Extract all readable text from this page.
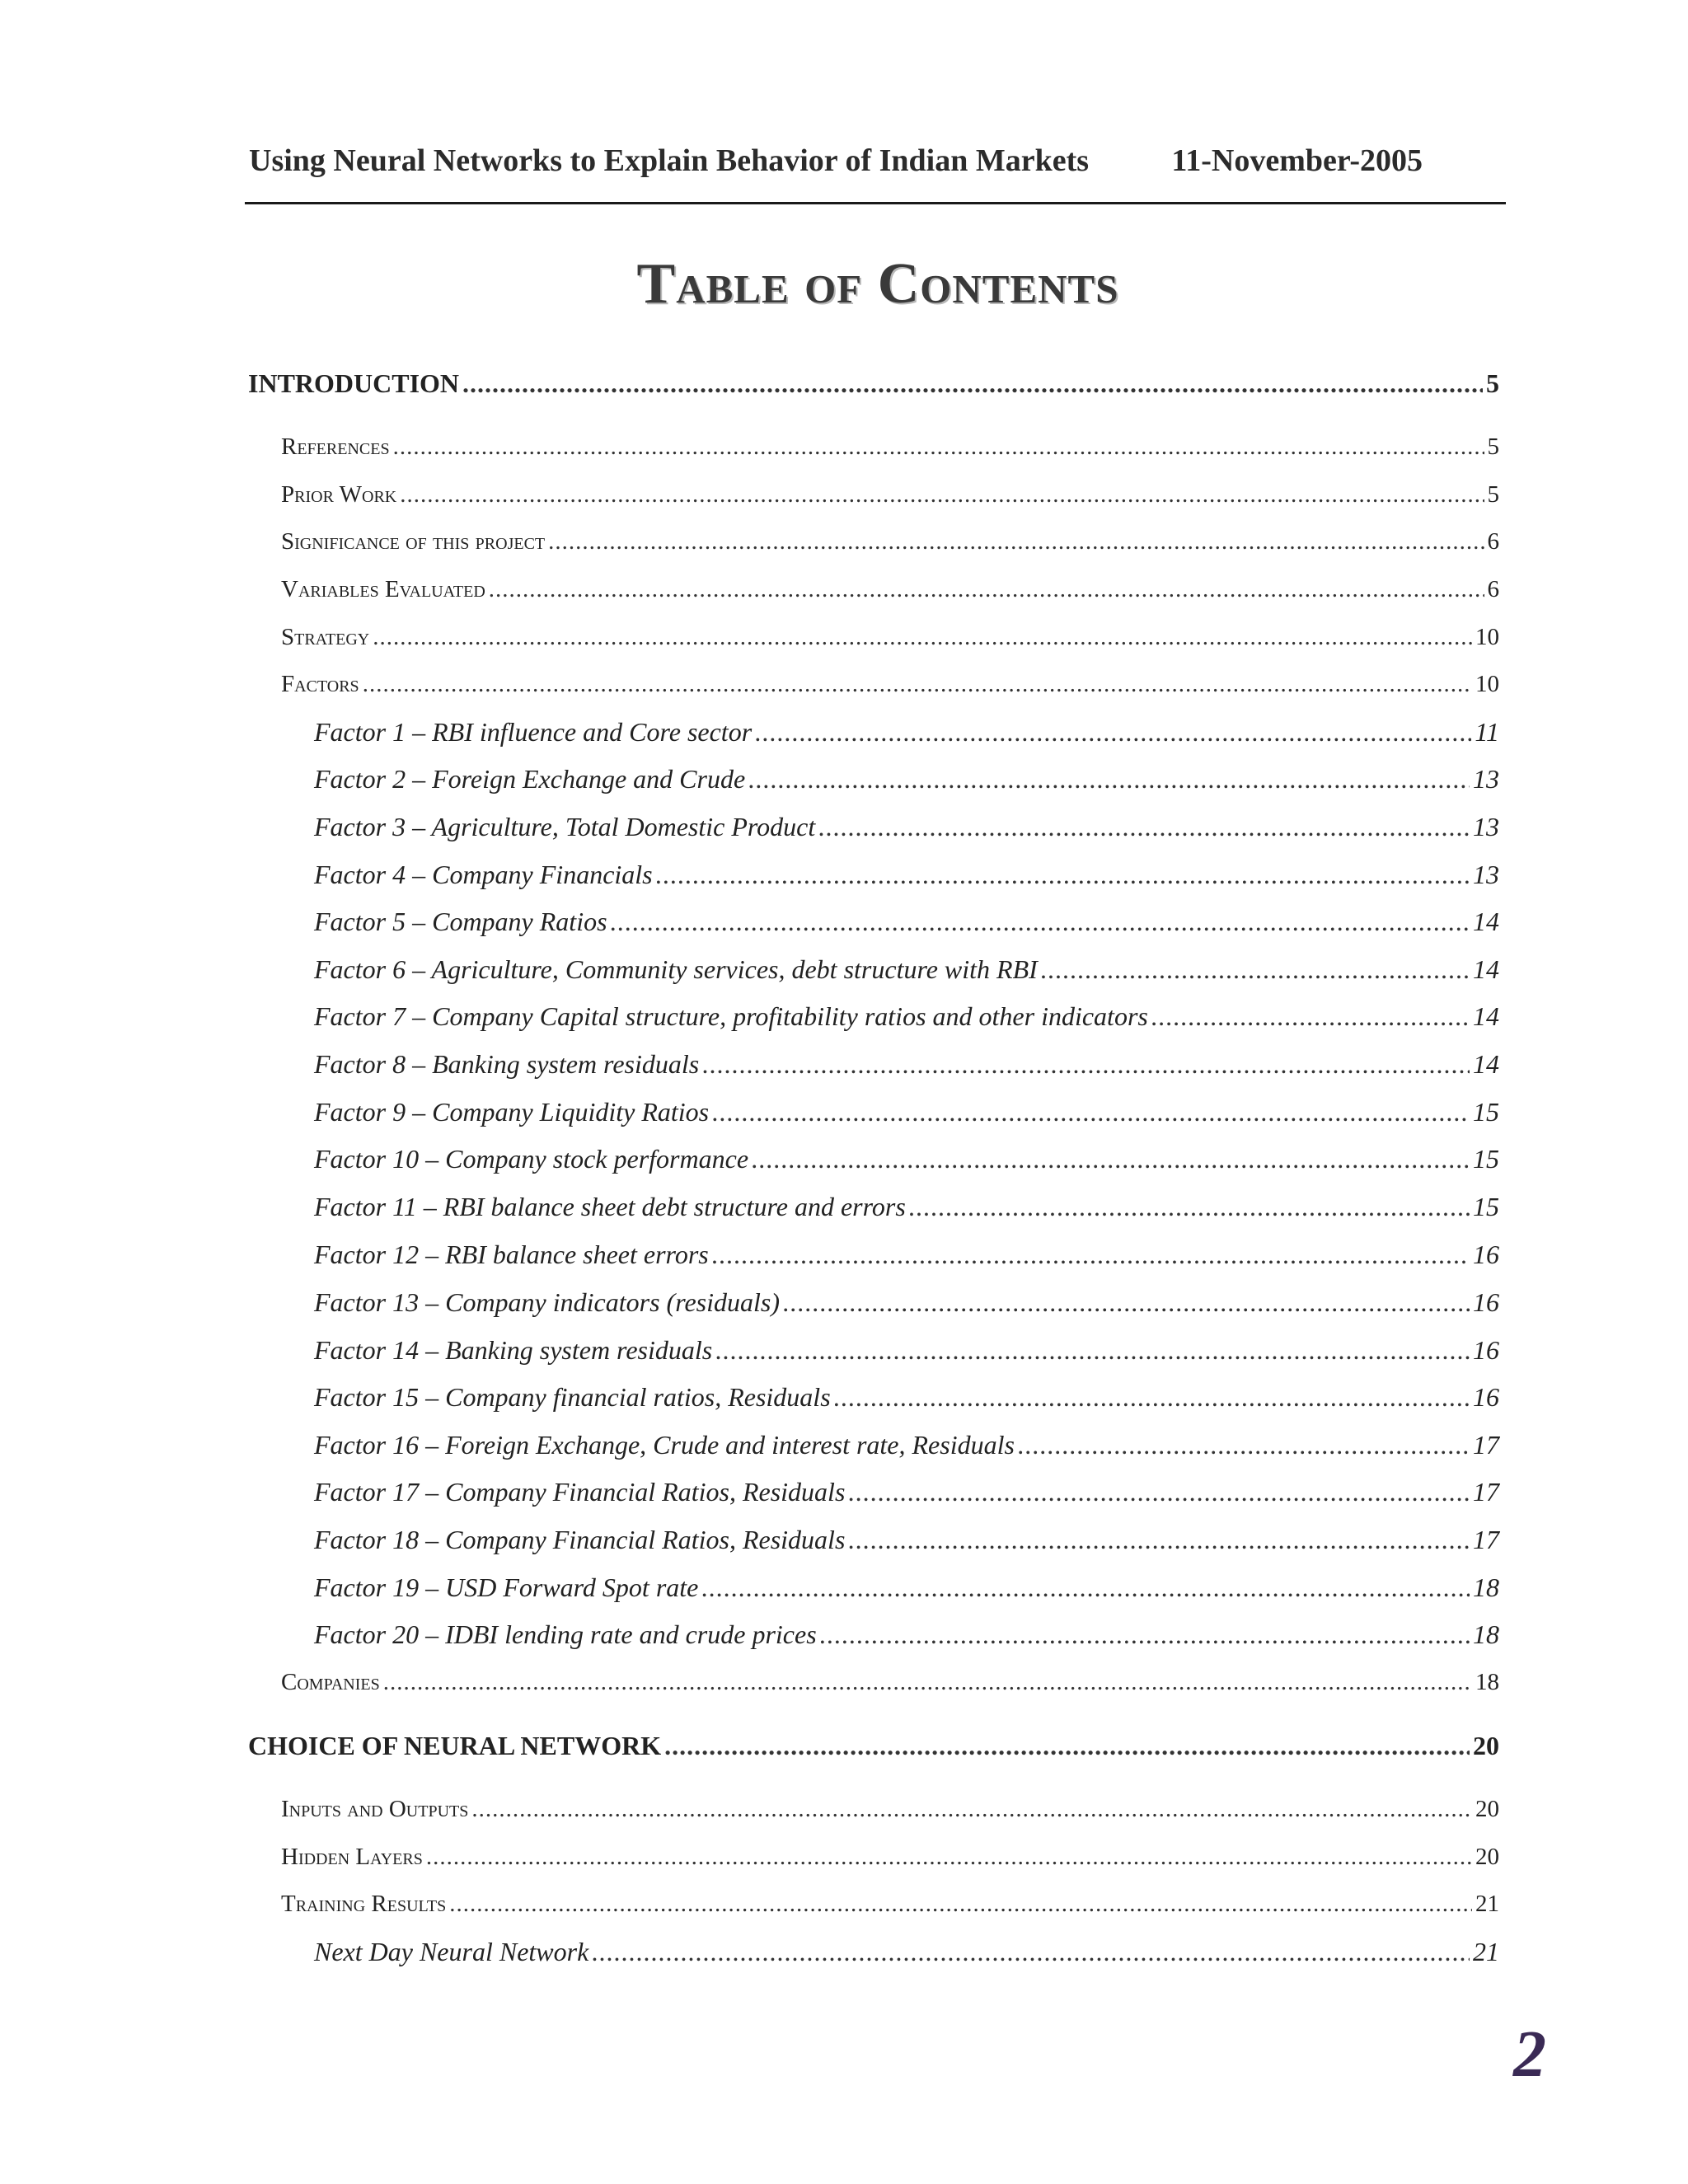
Using Neural Networks to Explain Behavior of Indian Markets	11-November-2005
Table of Contents
INTRODUCTION .....	5
References .....	5
Prior Work .....	5
Significance of this project .....	6
Variables Evaluated .....	6
Strategy .....	10
Factors .....	10
Factor 1 – RBI influence and Core sector .....	11
Factor 2 – Foreign Exchange and Crude .....	13
Factor 3 – Agriculture, Total Domestic Product .....	13
Factor 4 – Company Financials .....	13
Factor 5 – Company Ratios .....	14
Factor 6 – Agriculture, Community services, debt structure with RBI .....	14
Factor 7 – Company Capital structure, profitability ratios and other indicators .....	14
Factor 8 – Banking system residuals .....	14
Factor 9 – Company Liquidity Ratios .....	15
Factor 10 – Company stock performance .....	15
Factor 11 – RBI balance sheet debt structure and errors .....	15
Factor 12 – RBI balance sheet errors .....	16
Factor 13 – Company indicators (residuals) .....	16
Factor 14 – Banking system residuals .....	16
Factor 15 – Company financial ratios, Residuals .....	16
Factor 16 – Foreign Exchange, Crude and interest rate, Residuals .....	17
Factor 17 – Company Financial Ratios, Residuals .....	17
Factor 18 – Company Financial Ratios, Residuals .....	17
Factor 19 – USD Forward Spot rate .....	18
Factor 20 – IDBI lending rate and crude prices .....	18
Companies .....	18
CHOICE OF NEURAL NETWORK .....	20
Inputs and Outputs .....	20
Hidden Layers .....	20
Training Results .....	21
Next Day Neural Network .....	21
2
